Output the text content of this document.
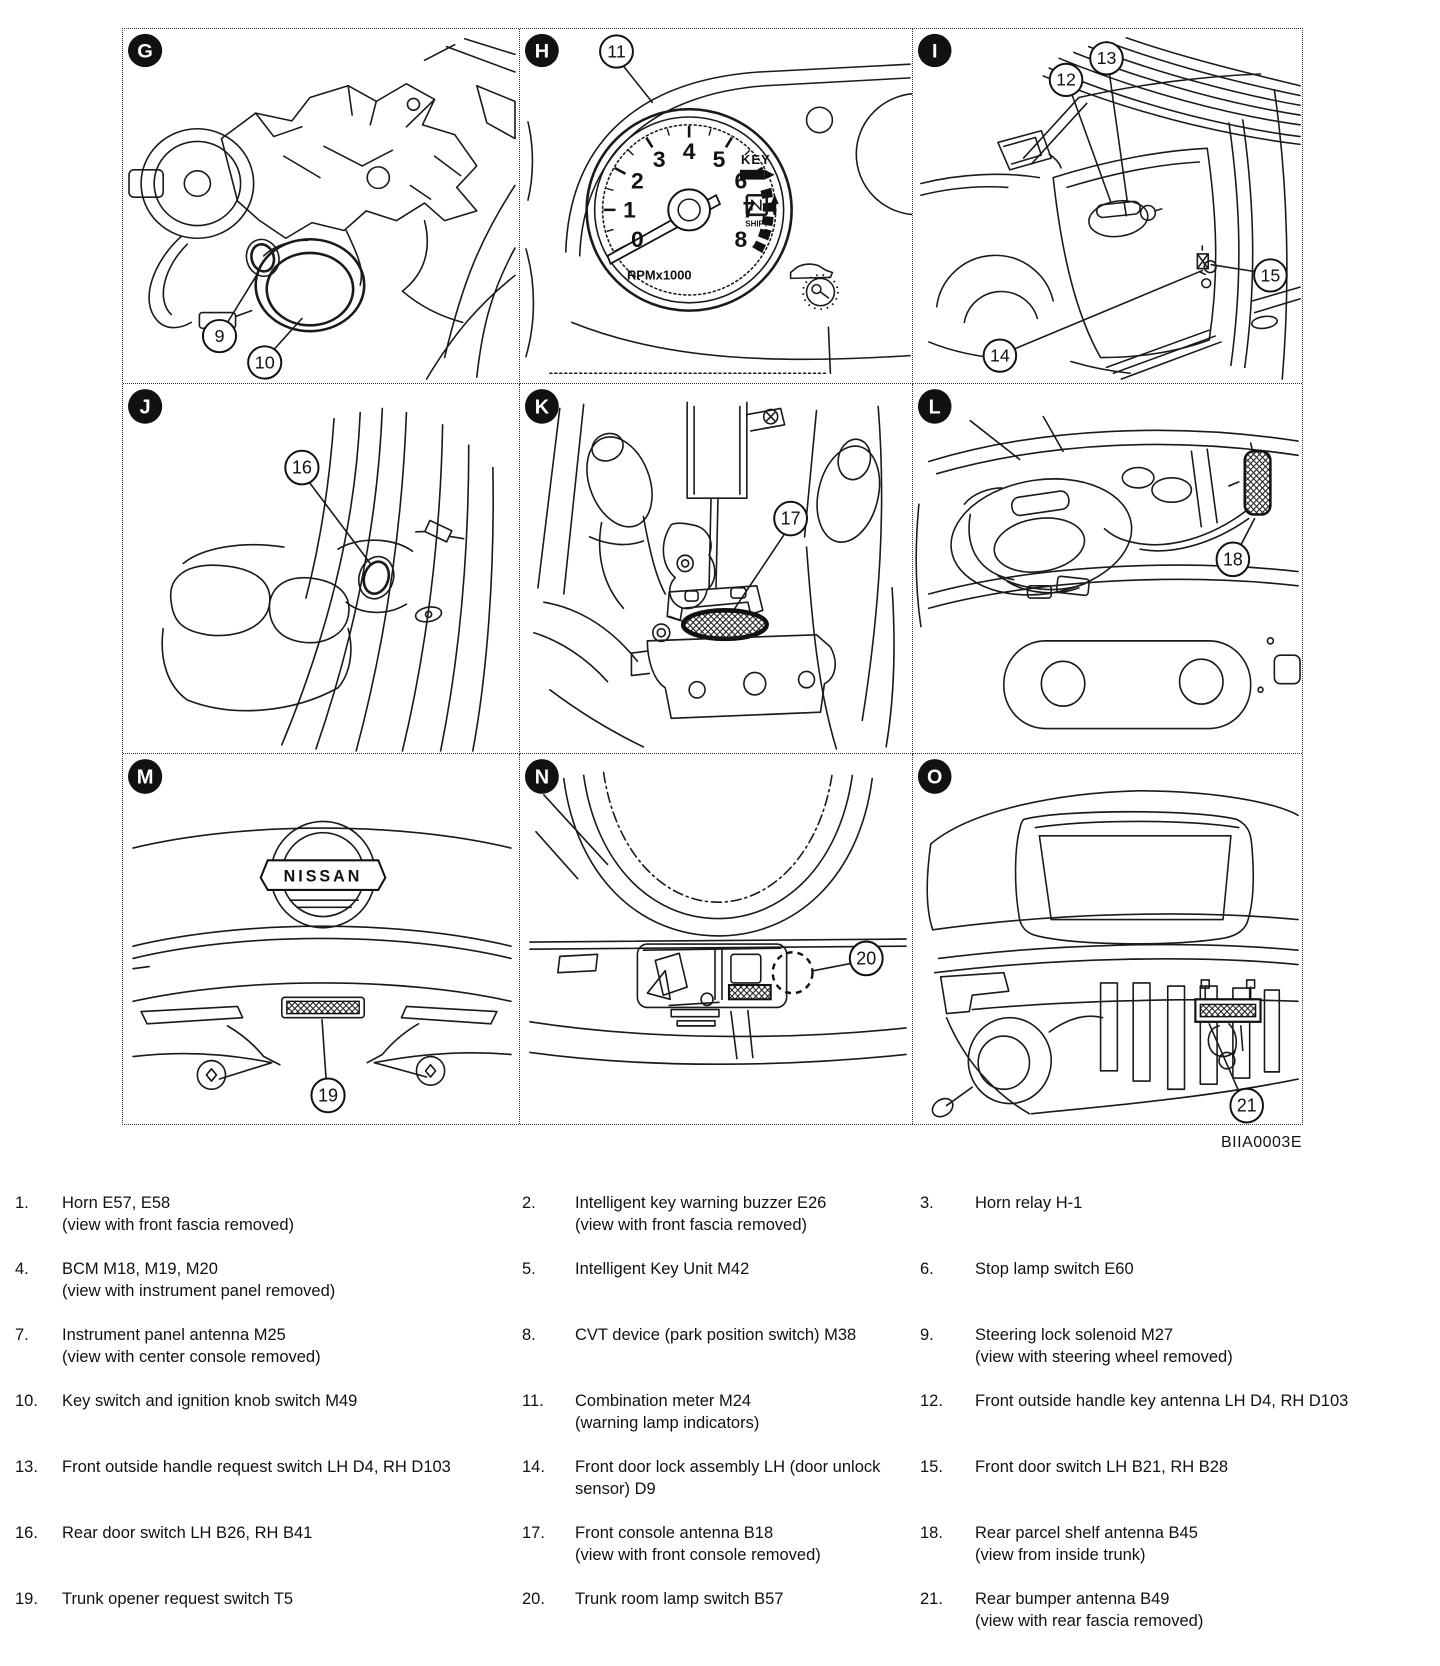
G
9
10
KEY
SHIFT
RPMx1000
0
1
2
3 4 5
6
7
8
H	11	I
12
13
14
15
J
16
K
17
L
18
NISSAN
M
19
N
20
O
21
BIIA0003E
1.	Horn E57, E58
(view with front fascia removed)
2.	Intelligent key warning buzzer E26
(view with front fascia removed)
3.	Horn relay H-1
4.	BCM M18, M19, M20
(view with instrument panel removed)
5.	Intelligent Key Unit M42	6.	Stop lamp switch E60
7.	Instrument panel antenna M25
(view with center console removed)
8.	CVT device (park position switch) M38	9.	Steering lock solenoid M27
(view with steering wheel removed)
10.	Key switch and ignition knob switch M49	11.	Combination meter M24
(warning lamp indicators)
12.	Front outside handle key antenna LH D4, RH D103
13.	Front outside handle request switch LH D4, RH D103	14.	Front door lock assembly LH (door unlock sensor) D9
15.	Front door switch LH B21, RH B28
16.	Rear door switch LH B26, RH B41	17.	Front console antenna B18
(view with front console removed)
18.	Rear parcel shelf antenna B45
(view from inside trunk)
19.	Trunk opener request switch T5	20.	Trunk room lamp switch B57	21.	Rear bumper antenna B49
(view with rear fascia removed)
